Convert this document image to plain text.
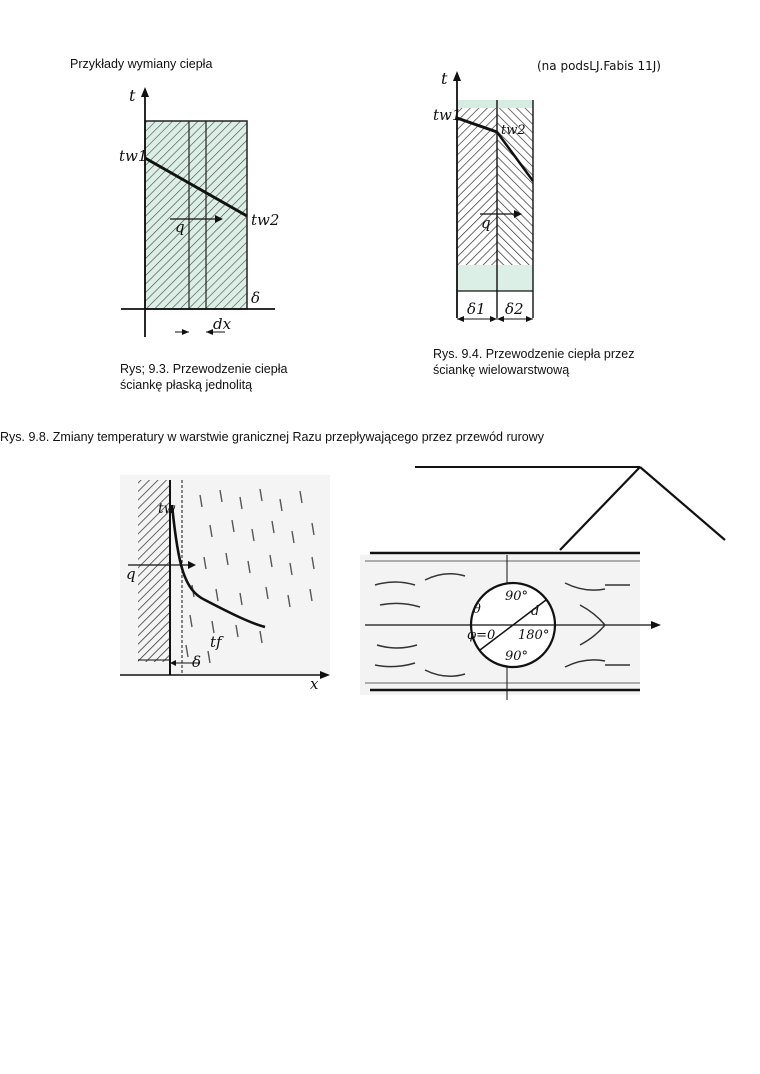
Przykłady wymiany ciepła	(na podsLJ.Fabis 11J)
t
tw1
tw2
q
δ
dx
Rys; 9.3. Przewodzenie ciepła
ściankę płaską jednolitą
t
tw1
tw2
q
δ1 δ2
Rys. 9.4. Przewodzenie ciepła przez
ściankę wielowarstwową
Rys. 9.8. Zmiany temperatury w warstwie granicznej Razu przepływającego przez przewód rurowy
tw
q
tf
δ
x
90°
90°
180°
φ=0
θ	d
